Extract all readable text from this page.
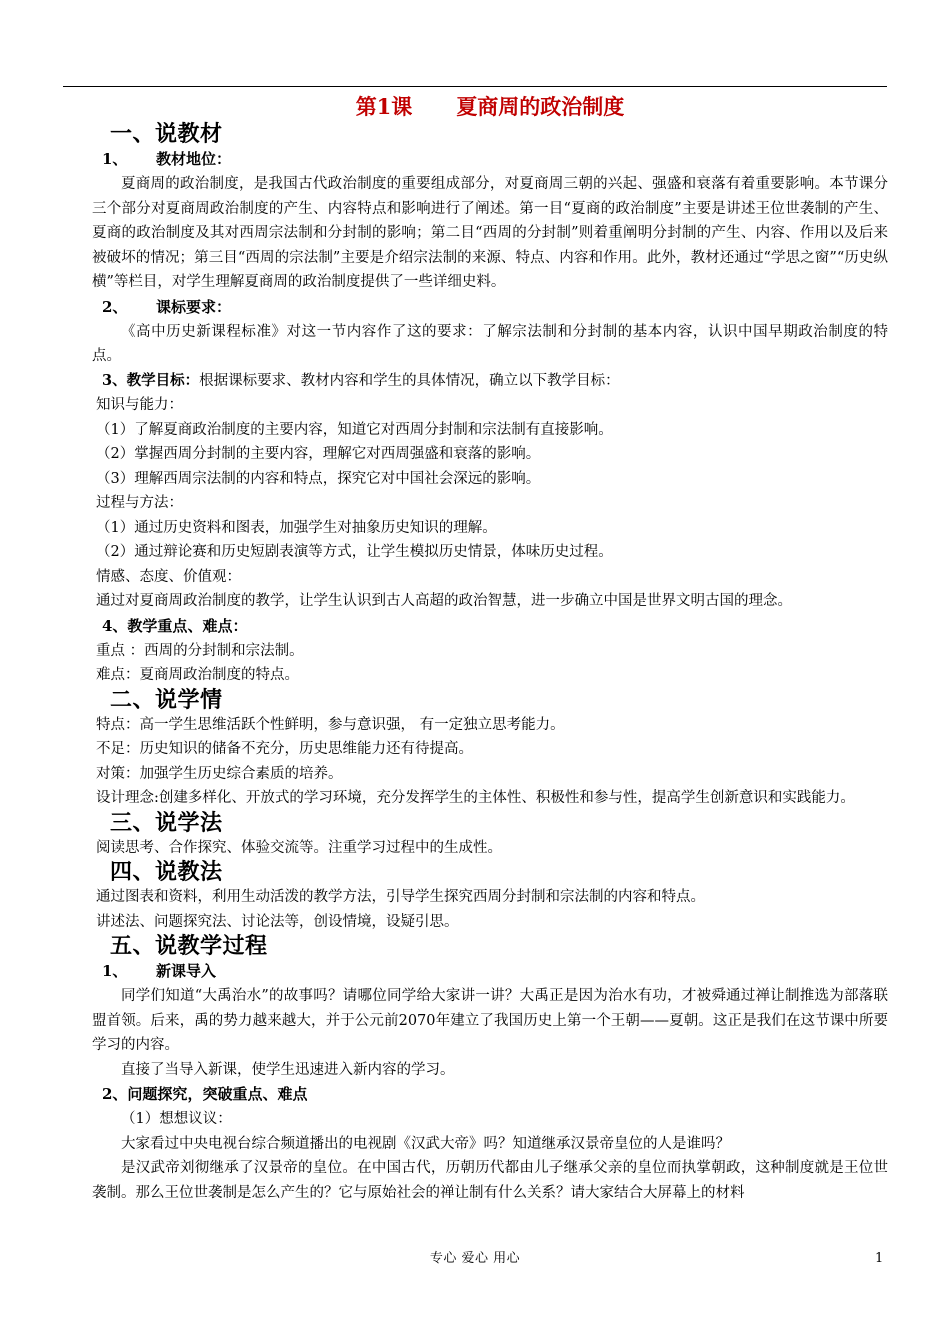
第1课 夏商周的政治制度
一、说教材
1、 教材地位：
夏商周的政治制度，是我国古代政治制度的重要组成部分，对夏商周三朝的兴起、强盛和衰落有着重要影响。本节课分三个部分对夏商周政治制度的产生、内容特点和影响进行了阐述。第一目“夏商的政治制度”主要是讲述王位世袭制的产生、夏商的政治制度及其对西周宗法制和分封制的影响；第二目“西周的分封制”则着重阐明分封制的产生、内容、作用以及后来被破坏的情况；第三目“西周的宗法制”主要是介绍宗法制的来源、特点、内容和作用。此外，教材还通过“学思之窗”“历史纵横”等栏目，对学生理解夏商周的政治制度提供了一些详细史料。
2、 课标要求：
《高中历史新课程标准》对这一节内容作了这的要求：了解宗法制和分封制的基本内容，认识中国早期政治制度的特点。
3、教学目标：根据课标要求、教材内容和学生的具体情况，确立以下教学目标：
知识与能力：
（1）了解夏商政治制度的主要内容，知道它对西周分封制和宗法制有直接影响。
（2）掌握西周分封制的主要内容，理解它对西周强盛和衰落的影响。
（3）理解西周宗法制的内容和特点，探究它对中国社会深远的影响。
过程与方法：
（1）通过历史资料和图表，加强学生对抽象历史知识的理解。
（2）通过辩论赛和历史短剧表演等方式，让学生模拟历史情景，体味历史过程。
情感、态度、价值观：
通过对夏商周政治制度的教学，让学生认识到古人高超的政治智慧，进一步确立中国是世界文明古国的理念。
4、教学重点、难点：
重点 ：西周的分封制和宗法制。
难点：夏商周政治制度的特点。
二、说学情
特点：高一学生思维活跃个性鲜明，参与意识强， 有一定独立思考能力。
不足：历史知识的储备不充分，历史思维能力还有待提高。
对策：加强学生历史综合素质的培养。
设计理念:创建多样化、开放式的学习环境，充分发挥学生的主体性、积极性和参与性，提高学生创新意识和实践能力。
三、说学法
阅读思考、合作探究、体验交流等。注重学习过程中的生成性。
四、说教法
通过图表和资料，利用生动活泼的教学方法，引导学生探究西周分封制和宗法制的内容和特点。
讲述法、问题探究法、讨论法等，创设情境，设疑引思。
五、说教学过程
1、 新课导入
同学们知道“大禹治水”的故事吗？请哪位同学给大家讲一讲？大禹正是因为治水有功，才被舜通过禅让制推选为部落联盟首领。后来，禹的势力越来越大，并于公元前2070年建立了我国历史上第一个王朝——夏朝。这正是我们在这节课中所要学习的内容。
直接了当导入新课，使学生迅速进入新内容的学习。
2、问题探究，突破重点、难点
（1）想想议议：
大家看过中央电视台综合频道播出的电视剧《汉武大帝》吗？知道继承汉景帝皇位的人是谁吗？
是汉武帝刘彻继承了汉景帝的皇位。在中国古代，历朝历代都由儿子继承父亲的皇位而执掌朝政，这种制度就是王位世袭制。那么王位世袭制是怎么产生的？它与原始社会的禅让制有什么关系？请大家结合大屏幕上的材料
专心 爱心 用心	1
